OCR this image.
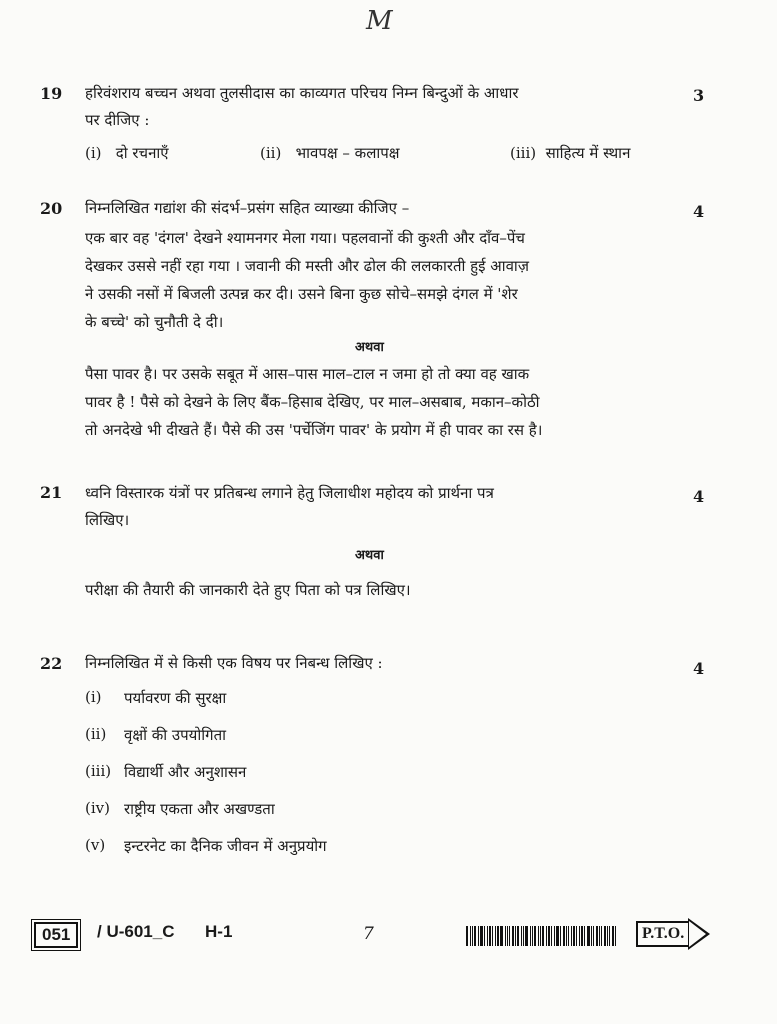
M
19 हरिवंशराय बच्चन अथवा तुलसीदास का काव्यगत परिचय निम्न बिन्दुओं के आधार
पर दीजिए :
3
(i)   दो रचनाएँ	(ii)   भावपक्ष – कलापक्ष	(iii)  साहित्य में स्थान
20 निम्नलिखित गद्यांश की संदर्भ–प्रसंग सहित व्याख्या कीजिए –	4
एक बार वह 'दंगल' देखने श्यामनगर मेला गया। पहलवानों की कुश्ती और दाँव–पेंच
देखकर उससे नहीं रहा गया । जवानी की मस्ती और ढोल की ललकारती हुई आवाज़
ने उसकी नसों में बिजली उत्पन्न कर दी। उसने बिना कुछ सोचे–समझे दंगल में 'शेर
के बच्चे' को चुनौती दे दी।
अथवा
पैसा पावर है। पर उसके सबूत में आस–पास माल–टाल न जमा हो तो क्या वह खाक
पावर है ! पैसे को देखने के लिए बैंक–हिसाब देखिए, पर माल–असबाब, मकान–कोठी
तो अनदेखे भी दीखते हैं। पैसे की उस 'पर्चेजिंग पावर' के प्रयोग में ही पावर का रस है।
21 ध्वनि विस्तारक यंत्रों पर प्रतिबन्ध लगाने हेतु जिलाधीश महोदय को प्रार्थना पत्र
लिखिए।
4
अथवा
परीक्षा की तैयारी की जानकारी देते हुए पिता को पत्र लिखिए।
22 निम्नलिखित में से किसी एक विषय पर निबन्ध लिखिए :	4
(i) पर्यावरण की सुरक्षा
(ii) वृक्षों की उपयोगिता
(iii) विद्यार्थी और अनुशासन
(iv) राष्ट्रीय एकता और अखण्डता
(v) इन्टरनेट का दैनिक जीवन में अनुप्रयोग
051	/ U-601_C H-1	7	P.T.O.
